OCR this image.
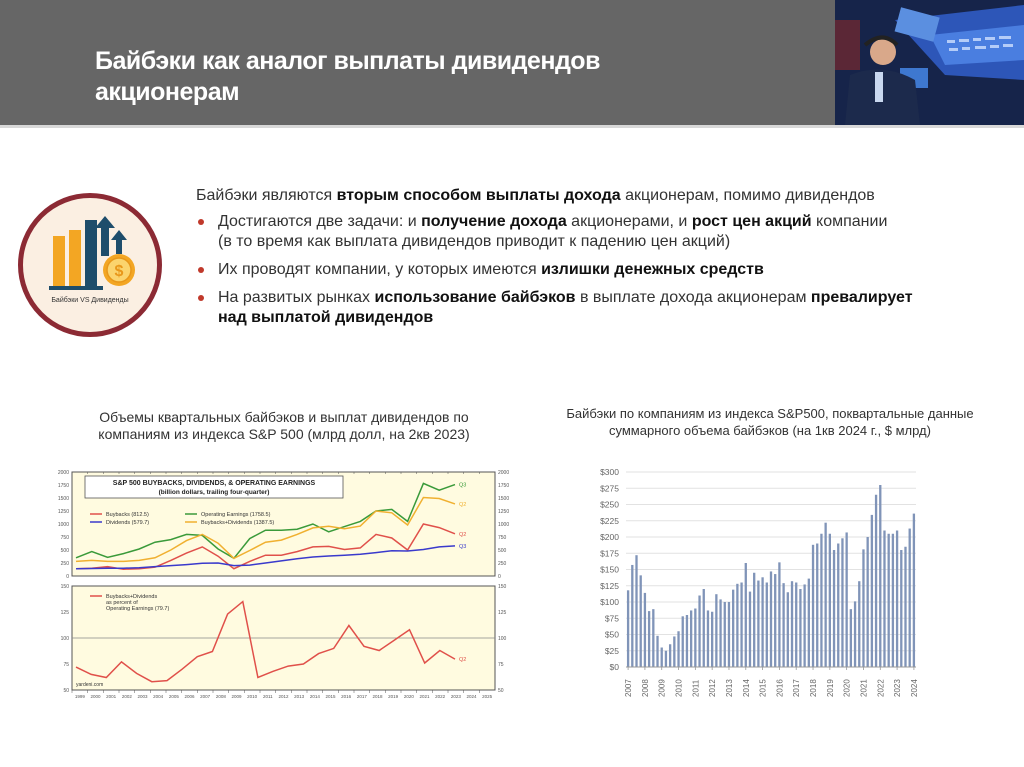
Байбэки как аналог выплаты дивидендов
акционерам
$
Байбэки VS Дивиденды
Байбэки являются вторым способом выплаты дохода акционерам, помимо дивидендов
Достигаются две задачи: и получение дохода акционерами, и рост цен акций компании
(в то время как выплата дивидендов приводит к падению цен акций)
Их проводят компании, у которых имеются излишки денежных средств
На развитых рынках использование байбэков в выплате дохода акционерам превалирует
над выплатой дивидендов
Объемы квартальных байбэков и выплат дивидендов по компаниям из индекса S&P 500 (млрд долл, на 2кв 2023)
Байбэки по компаниям из индекса S&P500, поквартальные данные суммарного объема байбэков (на 1кв 2024 г., $ млрд)
0	0
250	250
500	500
750	750
1000	1000
1250	1250
1500	1500
1750	1750
2000	2000
50	50
75	75
100	100
125	125
150	150
1999 2000 2001 2002 2003 2004 2005 2006 2007 2008 2009 2010 2011 2012 2013 2014 2015 2016 2017 2018 2019 2020 2021 2022 2023 2024 2025
S&P 500 BUYBACKS, DIVIDENDS, & OPERATING EARNINGS
(billion dollars, trailing four-quarter)
Buybacks (812.5)
Dividends (579.7)
Operating Earnings (1758.5)
Buybacks+Dividends (1387.5)
Q2
Q3
Q3
Q2
Q2
Buybacks+Dividends
as percent of
Operating Earnings (79.7)
yardeni.com
$0
$25
$50
$75
$100
$125
$150
$175
$200
$225
$250
$275
$300
2007 2008 2009 2010 2011 2012 2013 2014 2015 2016 2017 2018 2019 2020 2021 2022 2023 2024
